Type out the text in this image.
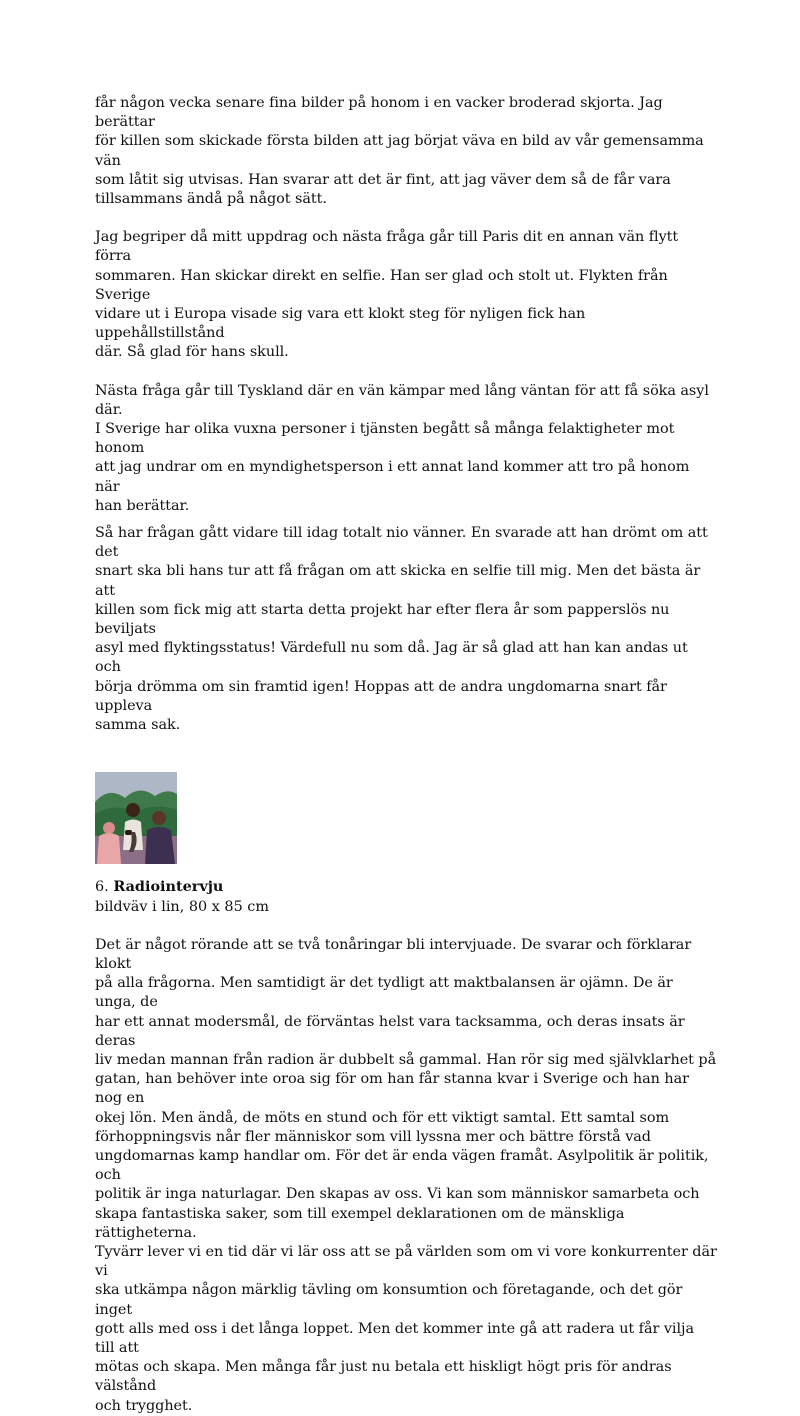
får någon vecka senare fina bilder på honom i en vacker broderad skjorta. Jag berättar
för killen som skickade första bilden att jag börjat väva en bild av vår gemensamma vän
som låtit sig utvisas. Han svarar att det är fint, att jag väver dem så de får vara
tillsammans ändå på något sätt.

Jag begriper då mitt uppdrag och nästa fråga går till Paris dit en annan vän flytt förra
sommaren. Han skickar direkt en selfie. Han ser glad och stolt ut. Flykten från Sverige
vidare ut i Europa visade sig vara ett klokt steg för nyligen fick han uppehållstillstånd
där. Så glad för hans skull.

Nästa fråga går till Tyskland där en vän kämpar med lång väntan för att få söka asyl där.
I Sverige har olika vuxna personer i tjänsten begått så många felaktigheter mot honom
att jag undrar om en myndighetsperson i ett annat land kommer att tro på honom när
han berättar.

Så har frågan gått vidare till idag totalt nio vänner. En svarade att han drömt om att det
snart ska bli hans tur att få frågan om att skicka en selfie till mig. Men det bästa är att
killen som fick mig att starta detta projekt har efter flera år som papperslös nu beviljats
asyl med flyktingsstatus! Värdefull nu som då. Jag är så glad att han kan andas ut och
börja drömma om sin framtid igen! Hoppas att de andra ungdomarna snart får uppleva
samma sak.

6. Radiointervju
bildväv i lin, 80 x 85 cm

Det är något rörande att se två tonåringar bli intervjuade. De svarar och förklarar klokt
på alla frågorna. Men samtidigt är det tydligt att maktbalansen är ojämn. De är unga, de
har ett annat modersmål, de förväntas helst vara tacksamma, och deras insats är deras
liv medan mannan från radion är dubbelt så gammal. Han rör sig med självklarhet på
gatan, han behöver inte oroa sig för om han får stanna kvar i Sverige och han har nog en
okej lön. Men ändå, de möts en stund och för ett viktigt samtal. Ett samtal som
förhoppningsvis når fler människor som vill lyssna mer och bättre förstå vad
ungdomarnas kamp handlar om. För det är enda vägen framåt. Asylpolitik är politik, och
politik är inga naturlagar. Den skapas av oss. Vi kan som människor samarbeta och
skapa fantastiska saker, som till exempel deklarationen om de mänskliga rättigheterna.
Tyvärr lever vi en tid där vi lär oss att se på världen som om vi vore konkurrenter där vi
ska utkämpa någon märklig tävling om konsumtion och företagande, och det gör inget
gott alls med oss i det långa loppet. Men det kommer inte gå att radera ut får vilja till att
mötas och skapa. Men många får just nu betala ett hiskligt högt pris för andras välstånd
och trygghet.
